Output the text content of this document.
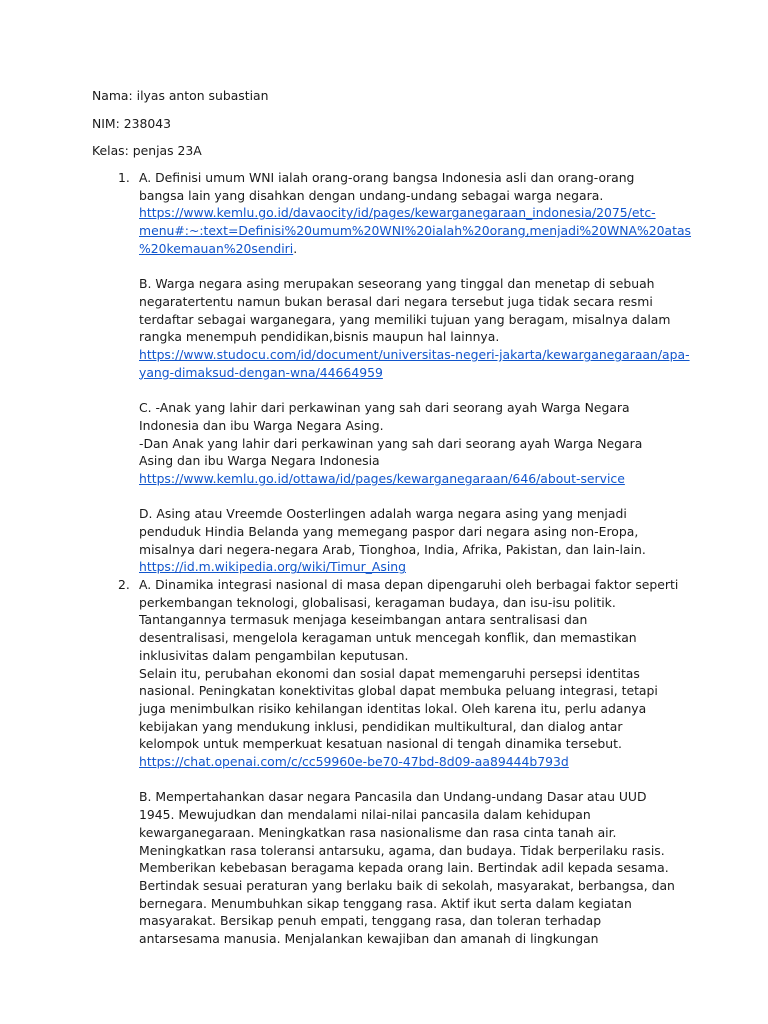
Nama: ilyas anton subastian

NIM: 238043

Kelas: penjas 23A

1. A. Definisi umum WNI ialah orang-orang bangsa Indonesia asli dan orang-orang bangsa lain yang disahkan dengan undang-undang sebagai warga negara.

https://www.kemlu.go.id/davaocity/id/pages/kewarganegaraan_indonesia/2075/etc-
menu#:~:text=Definisi%20umum%20WNI%20ialah%20orang,menjadi%20WNA%20atas
%20kemauan%20sendiri.

B. Warga negara asing merupakan seseorang yang tinggal dan menetap di sebuah negaratertentu namun bukan berasal dari negara tersebut juga tidak secara resmi terdaftar sebagai warganegara, yang memiliki tujuan yang beragam, misalnya dalam rangka menempuh pendidikan,bisnis maupun hal lainnya.

https://www.studocu.com/id/document/universitas-negeri-jakarta/kewarganegaraan/apa-
yang-dimaksud-dengan-wna/44664959

C. -Anak yang lahir dari perkawinan yang sah dari seorang ayah Warga Negara Indonesia dan ibu Warga Negara Asing.

-Dan Anak yang lahir dari perkawinan yang sah dari seorang ayah Warga Negara Asing dan ibu Warga Negara Indonesia

https://www.kemlu.go.id/ottawa/id/pages/kewarganegaraan/646/about-service

D. Asing atau Vreemde Oosterlingen adalah warga negara asing yang menjadi penduduk Hindia Belanda yang memegang paspor dari negara asing non-Eropa, misalnya dari negera-negara Arab, Tionghoa, India, Afrika, Pakistan, dan lain-lain.

https://id.m.wikipedia.org/wiki/Timur_Asing

2. A. Dinamika integrasi nasional di masa depan dipengaruhi oleh berbagai faktor seperti perkembangan teknologi, globalisasi, keragaman budaya, dan isu-isu politik. Tantangannya termasuk menjaga keseimbangan antara sentralisasi dan desentralisasi, mengelola keragaman untuk mencegah konflik, dan memastikan inklusivitas dalam pengambilan keputusan.

Selain itu, perubahan ekonomi dan sosial dapat memengaruhi persepsi identitas nasional. Peningkatan konektivitas global dapat membuka peluang integrasi, tetapi juga menimbulkan risiko kehilangan identitas lokal. Oleh karena itu, perlu adanya kebijakan yang mendukung inklusi, pendidikan multikultural, dan dialog antar kelompok untuk memperkuat kesatuan nasional di tengah dinamika tersebut.

https://chat.openai.com/c/cc59960e-be70-47bd-8d09-aa89444b793d

B. Mempertahankan dasar negara Pancasila dan Undang-undang Dasar atau UUD 1945. Mewujudkan dan mendalami nilai-nilai pancasila dalam kehidupan kewarganegaraan. Meningkatkan rasa nasionalisme dan rasa cinta tanah air. Meningkatkan rasa toleransi antarsuku, agama, dan budaya. Tidak berperilaku rasis. Memberikan kebebasan beragama kepada orang lain. Bertindak adil kepada sesama. Bertindak sesuai peraturan yang berlaku baik di sekolah, masyarakat, berbangsa, dan bernegara. Menumbuhkan sikap tenggang rasa. Aktif ikut serta dalam kegiatan masyarakat. Bersikap penuh empati, tenggang rasa, dan toleran terhadap antarsesama manusia. Menjalankan kewajiban dan amanah di lingkungan
